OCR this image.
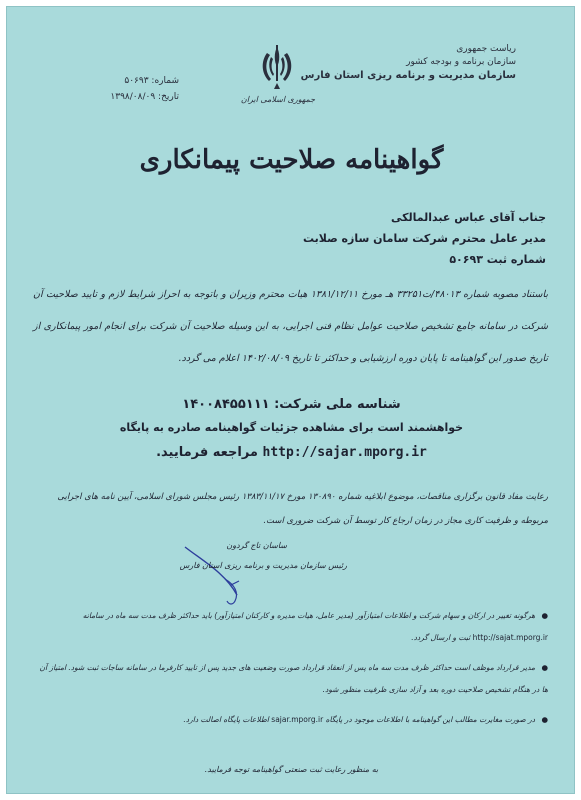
ریاست جمهوری
سازمان برنامه و بودجه کشور
سازمان مدیریت و برنامه ریزی استان فارس
جمهوری اسلامی ایران
شماره: ۵۰۶۹۳
تاریخ: ۱۳۹۸/۰۸/۰۹
گواهینامه صلاحیت پیمانکاری
جناب آقای عباس عبدالمالکی
مدیر عامل محترم شرکت سامان سازه صلابت
شماره ثبت ۵۰۶۹۳
باستناد مصوبه شماره ۴۸۰۱۳/ت۳۳۲۵۱ هـ مورخ ۱۳۸۱/۱۲/۱۱ هیات محترم وزیران و باتوجه به احراز شرایط لازم و تایید صلاحیت آن شرکت در سامانه جامع تشخیص صلاحیت عوامل نظام فنی اجرایی، به این وسیله صلاحیت آن شرکت برای انجام امور پیمانکاری از تاریخ صدور این گواهینامه تا پایان دوره ارزشیابی و حداکثر تا تاریخ ۱۴۰۲/۰۸/۰۹ اعلام می گردد.
شناسه ملی شرکت: ۱۴۰۰۸۴۵۵۱۱۱
خواهشمند است برای مشاهده جزئیات گواهینامه صادره به پایگاه
http://sajar.mporg.ir مراجعه فرمایید.
رعایت مفاد قانون برگزاری مناقصات، موضوع ابلاغیه شماره ۱۳۰۸۹۰ مورخ ۱۳۸۳/۱۱/۱۷ رئیس مجلس شورای اسلامی، آیین نامه های اجرایی مربوطه و ظرفیت کاری مجاز در زمان ارجاع کار توسط آن شرکت ضروری است.
ساسان تاج گردون
رئیس سازمان مدیریت و برنامه ریزی استان فارس
● هرگونه تغییر در ارکان و سهام شرکت و اطلاعات امتیازآور (مدیر عامل، هیات مدیره و کارکنان امتیازآور) باید حداکثر ظرف مدت سه ماه در سامانه http://sajat.mporg.ir ثبت و ارسال گردد.
● مدیر قرارداد موظف است حداکثر ظرف مدت سه ماه پس از انعقاد قرارداد صورت وضعیت های جدید پس از تایید کارفرما در سامانه ساجات ثبت شود. امتیاز آن ها در هنگام تشخیص صلاحیت دوره بعد و آزاد سازی ظرفیت منظور شود.
● در صورت مغایرت مطالب این گواهینامه با اطلاعات موجود در پایگاه sajar.mporg.ir اطلاعات پایگاه اصالت دارد.
به منظور رعایت ثبت صنعتی گواهینامه توجه فرمایید.
